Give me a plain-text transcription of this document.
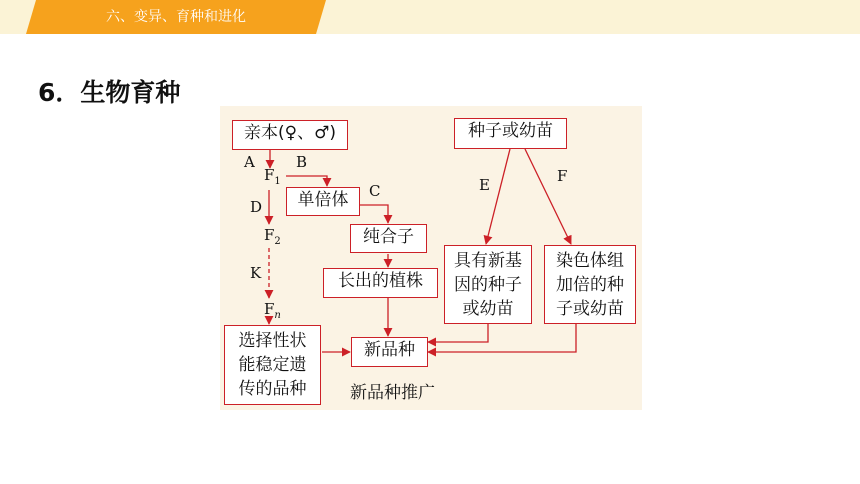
六、变异、育种和进化
6．生物育种
亲本(♀、♂)
单倍体
纯合子
长出的植株
选择性状
能稳定遗
传的品种
新品种
种子或幼苗
具有新基
因的种子
或幼苗
染色体组
加倍的种
子或幼苗
$F_1$
$F_2$
$F_n$
A	B
C
D
K
E	F
新品种推广
